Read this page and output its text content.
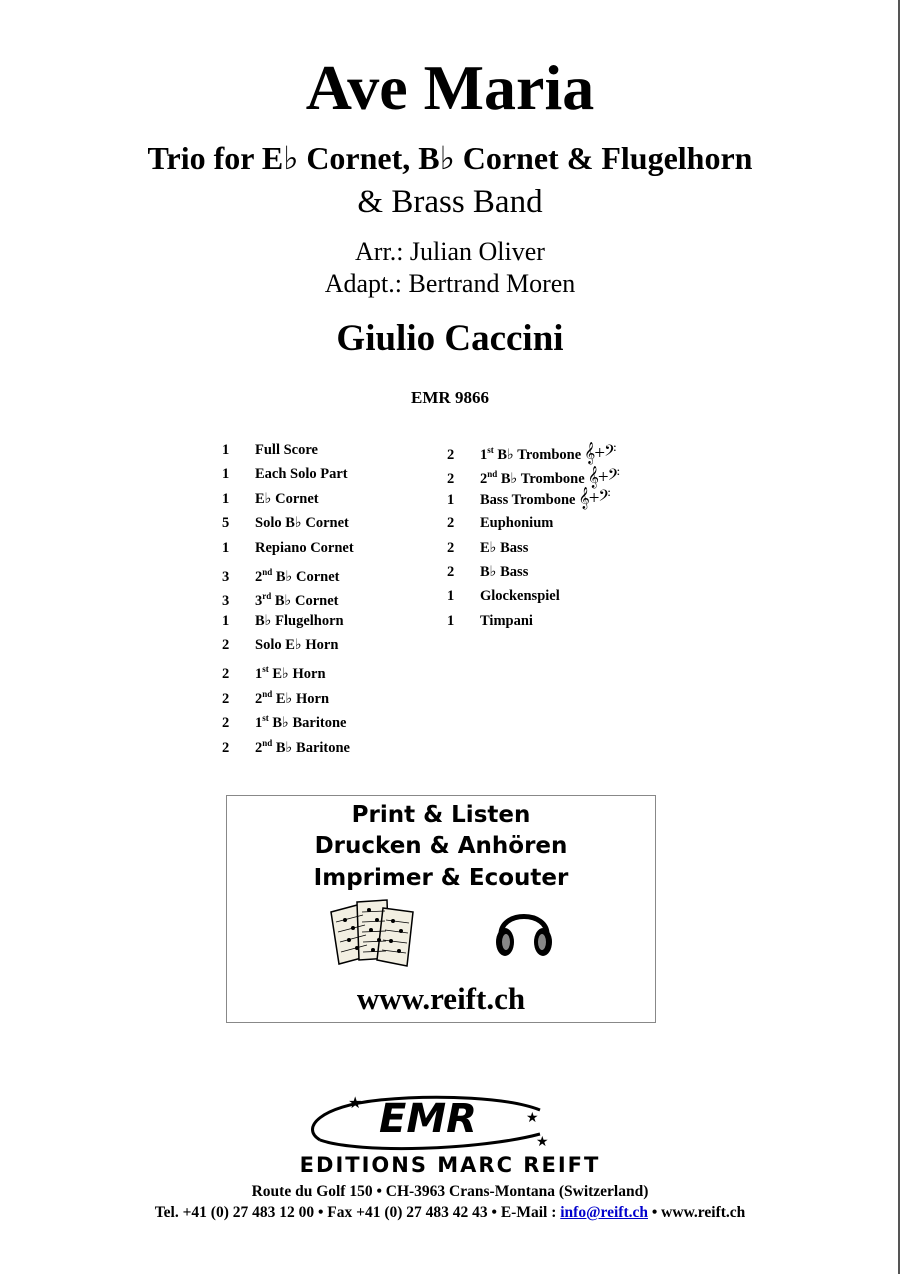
Ave Maria
Trio for E♭ Cornet, B♭ Cornet & Flugelhorn
& Brass Band
Arr.: Julian Oliver
Adapt.: Bertrand Moren
Giulio Caccini
EMR 9866
1 Full Score
1 Each Solo Part
1 E♭ Cornet
5 Solo B♭ Cornet
1 Repiano Cornet
3 2nd B♭ Cornet
3 3rd B♭ Cornet
1 B♭ Flugelhorn
2 Solo E♭ Horn
2 1st E♭ Horn
2 2nd E♭ Horn
2 1st B♭ Baritone
2 2nd B♭ Baritone
2 1st B♭ Trombone 𝄞+𝄢
2 2nd B♭ Trombone 𝄞+𝄢
1 Bass Trombone 𝄞+𝄢
2 Euphonium
2 E♭ Bass
2 B♭ Bass
1 Glockenspiel
1 Timpani
Print & Listen
Drucken & Anhören
Imprimer & Ecouter
www.reift.ch
EMR
★
★
★
EDITIONS MARC REIFT
Route du Golf 150 • CH-3963 Crans-Montana (Switzerland)
Tel. +41 (0) 27 483 12 00 • Fax +41 (0) 27 483 42 43 • E-Mail : info@reift.ch • www.reift.ch
